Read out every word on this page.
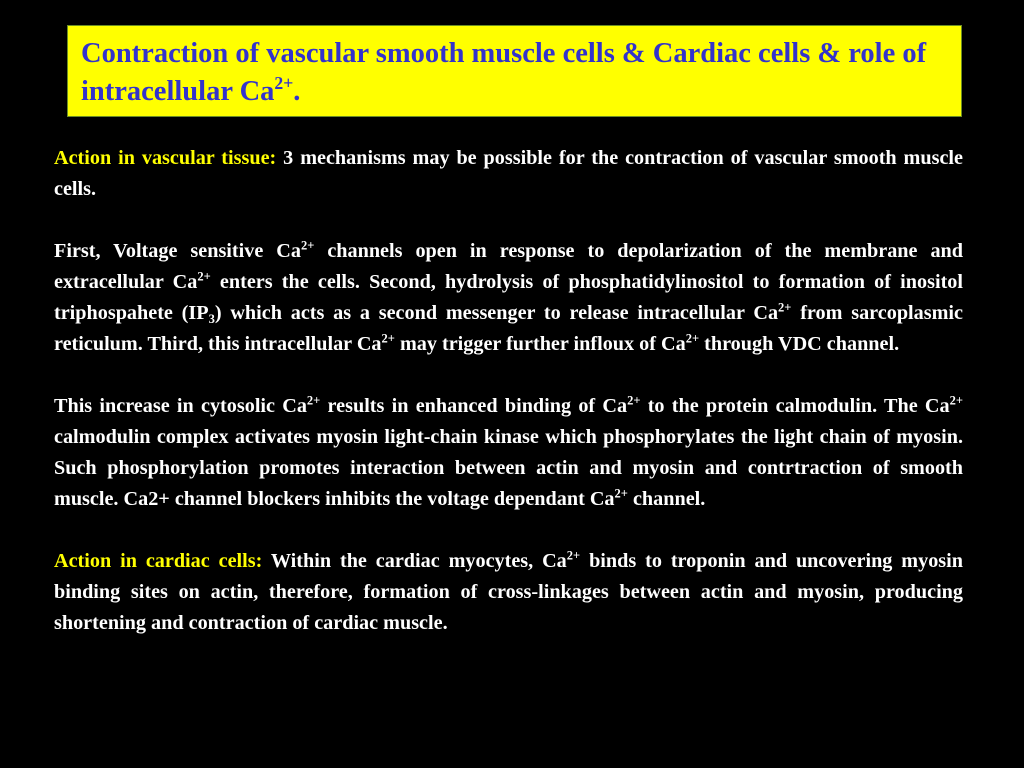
Contraction of vascular smooth muscle cells & Cardiac cells & role of intracellular $Ca^{2+}$.

Action in vascular tissue: 3 mechanisms may be possible for the contraction of vascular smooth muscle cells.

First, Voltage sensitive $Ca^{2+}$ channels open in response to depolarization of the membrane and extracellular $Ca^{2+}$ enters the cells. Second, hydrolysis of phosphatidylinositol to formation of inositol triphospahete $(IP_3)$ which acts as a second messenger to release intracellular $Ca^{2+}$ from sarcoplasmic reticulum. Third, this intracellular $Ca^{2+}$ may trigger further infloux of $Ca^{2+}$ through VDC channel.

This increase in cytosolic $Ca^{2+}$ results in enhanced binding of $Ca^{2+}$ to the protein calmodulin. The $Ca^{2+}$ calmodulin complex activates myosin light-chain kinase which phosphorylates the light chain of myosin. Such phosphorylation promotes interaction between actin and myosin and contrtraction of smooth muscle. Ca2+ channel blockers inhibits the voltage dependant $Ca^{2+}$ channel.

Action in cardiac cells: Within the cardiac myocytes, $Ca^{2+}$ binds to troponin and uncovering myosin binding sites on actin, therefore, formation of cross-linkages between actin and myosin, producing shortening and contraction of cardiac muscle.
